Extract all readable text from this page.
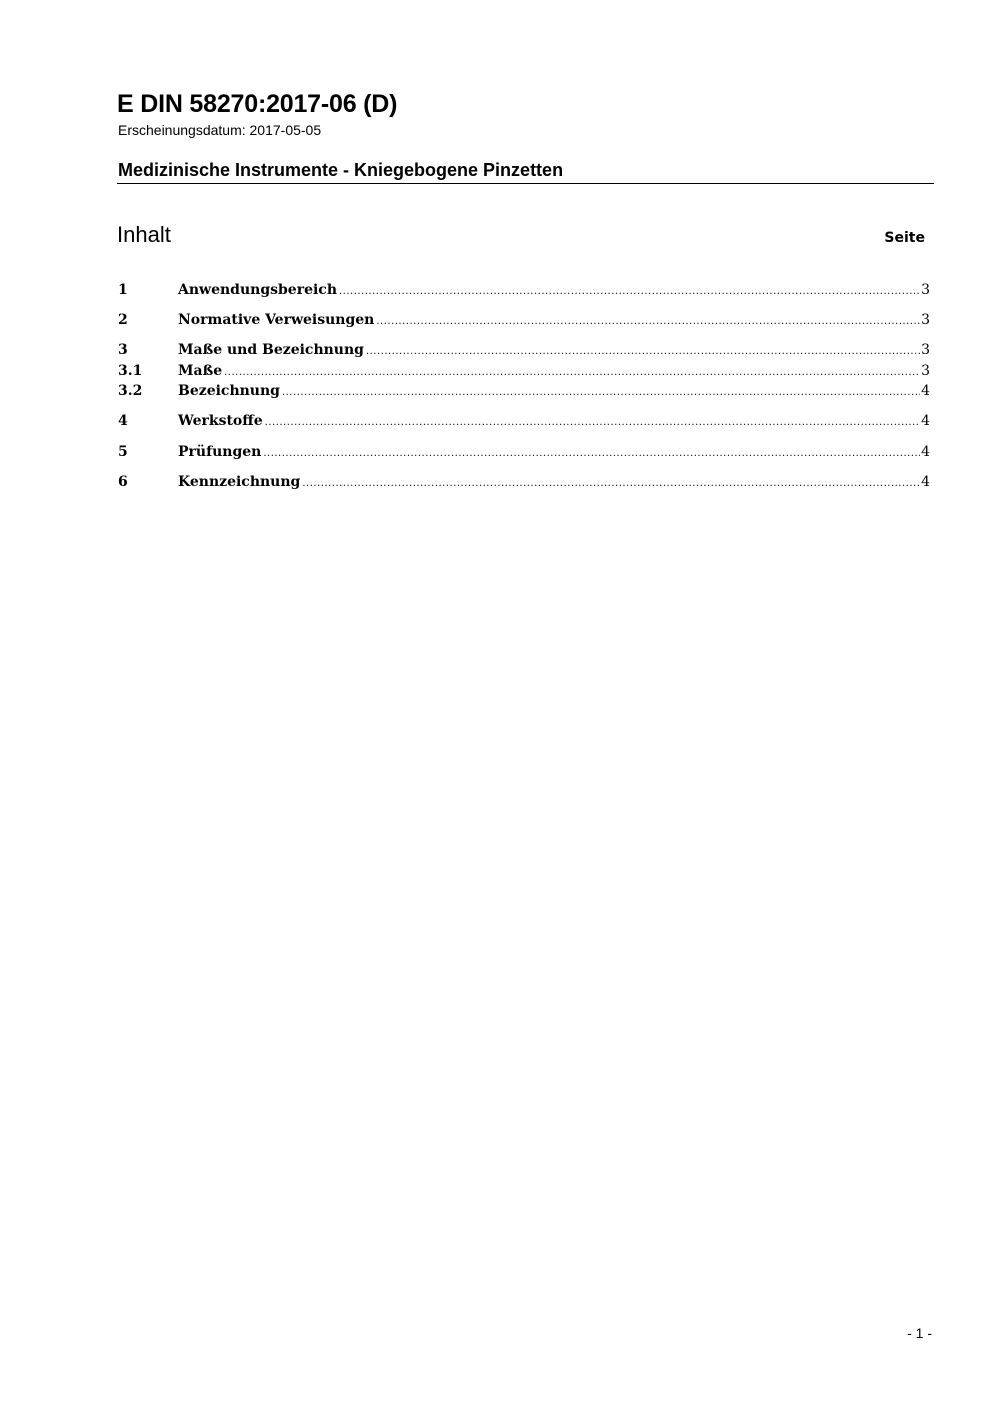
E DIN 58270:2017-06 (D)
Erscheinungsdatum: 2017-05-05
Medizinische Instrumente - Kniegebogene Pinzetten
Inhalt	Seite
1	Anwendungsbereich .....	3
2	Normative Verweisungen .....	3
3	Maße und Bezeichnung .....	3
3.1	Maße .....	3
3.2	Bezeichnung .....	4
4	Werkstoffe .....	4
5	Prüfungen .....	4
6	Kennzeichnung .....	4
- 1 -
